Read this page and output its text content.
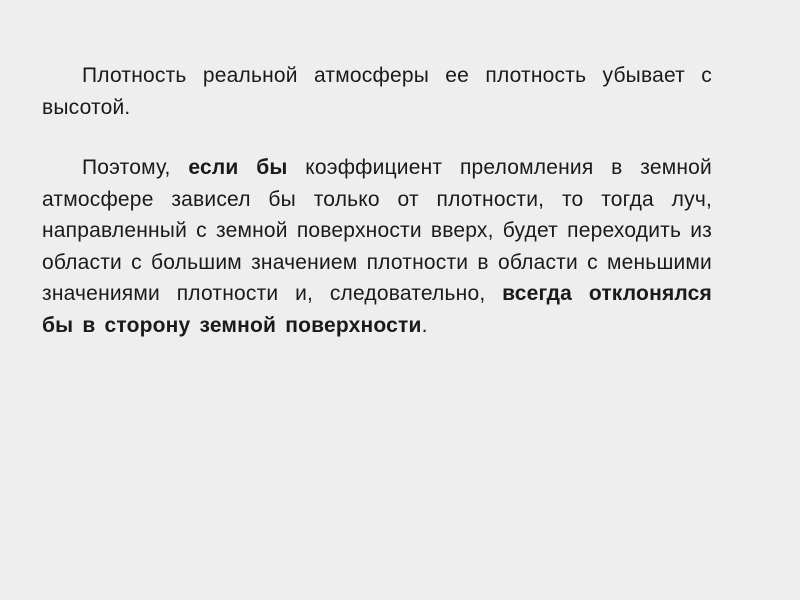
Плотность реальной атмосферы ее плотность убывает с высотой.

Поэтому, если бы коэффициент преломления в земной атмосфере зависел бы только от плотности, то тогда луч, направленный с земной поверхности вверх, будет переходить из области с большим значением плотности в области с меньшими значениями плотности и, следовательно, всегда отклонялся бы в сторону земной поверхности.
